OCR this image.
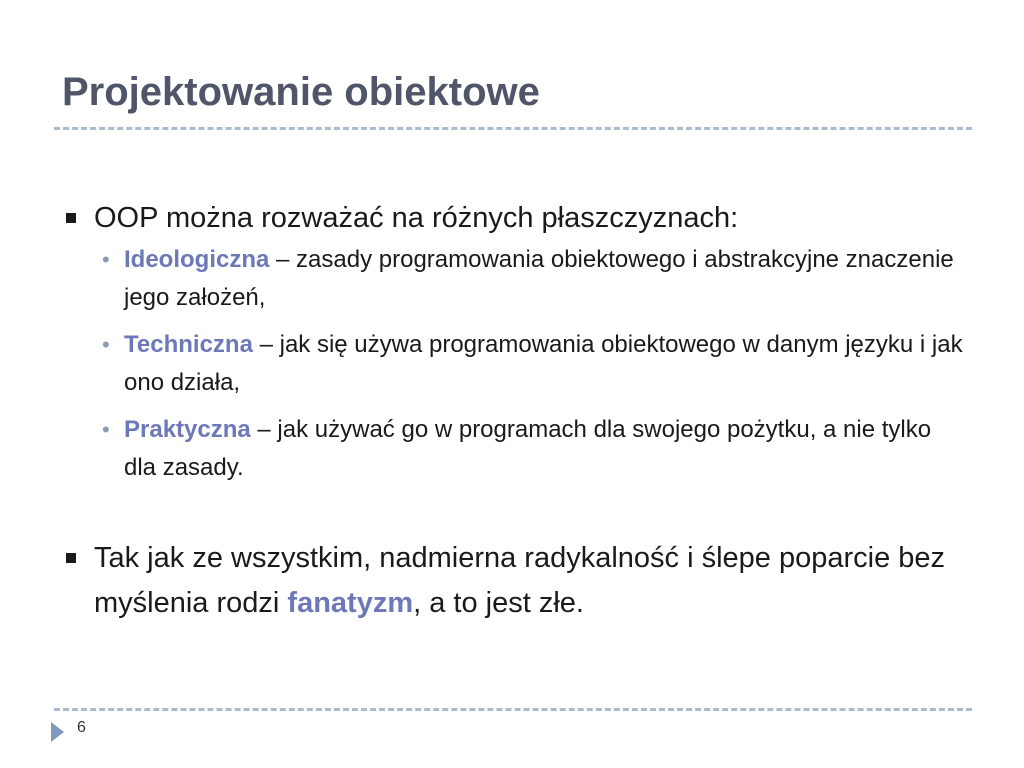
Projektowanie obiektowe
OOP można rozważać na różnych płaszczyznach:
• Ideologiczna – zasady programowania obiektowego i abstrakcyjne znaczenie jego założeń,
• Techniczna – jak się używa programowania obiektowego w danym języku i jak ono działa,
• Praktyczna – jak używać go w programach dla swojego pożytku, a nie tylko dla zasady.
Tak jak ze wszystkim, nadmierna radykalność i ślepe poparcie bez myślenia rodzi fanatyzm, a to jest złe.
6
